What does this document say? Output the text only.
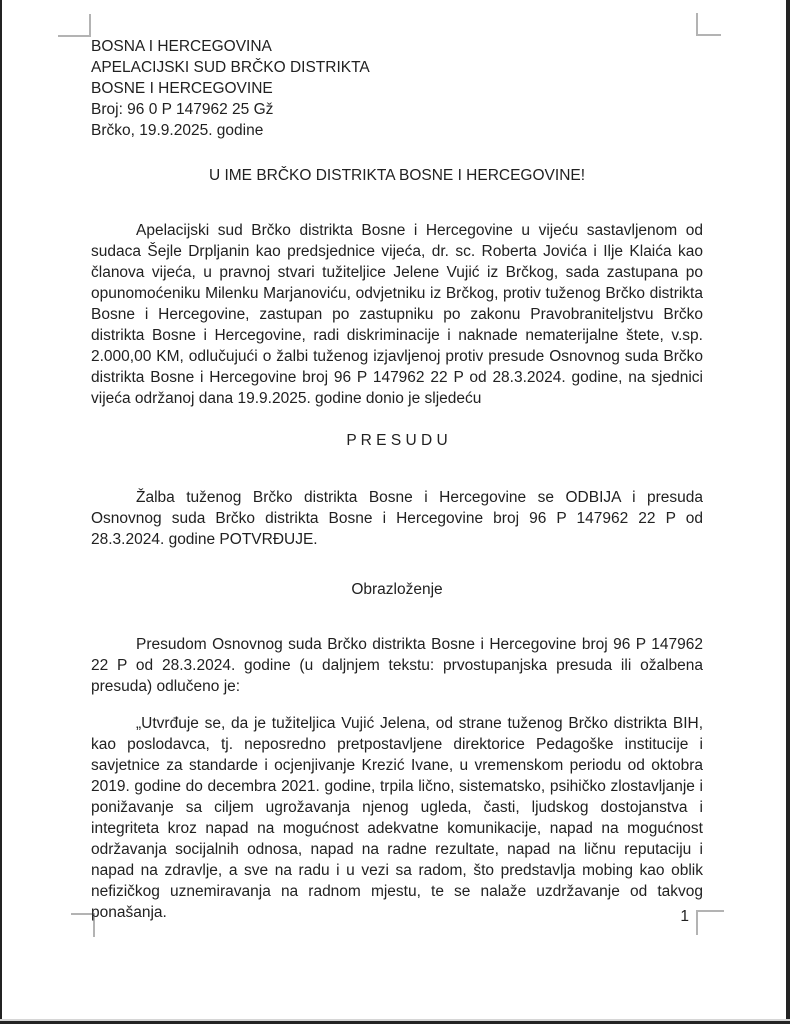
BOSNA I HERCEGOVINA
APELACIJSKI SUD BRČKO DISTRIKTA
BOSNE I HERCEGOVINE
Broj: 96 0 P 147962 25 Gž
Brčko, 19.9.2025. godine
U IME BRČKO DISTRIKTA BOSNE I HERCEGOVINE!

Apelacijski sud Brčko distrikta Bosne i Hercegovine u vijeću sastavljenom od sudaca Šejle Drpljanin kao predsjednice vijeća, dr. sc. Roberta Jovića i Ilje Klaića kao članova vijeća, u pravnoj stvari tužiteljice Jelene Vujić iz Brčkog, sada zastupana po opunomoćeniku Milenku Marjanoviću, odvjetniku iz Brčkog, protiv tuženog Brčko distrikta Bosne i Hercegovine, zastupan po zastupniku po zakonu Pravobraniteljstvu Brčko distrikta Bosne i Hercegovine, radi diskriminacije i naknade nematerijalne štete, v.sp. 2.000,00 KM, odlučujući o žalbi tuženog izjavljenoj protiv presude Osnovnog suda Brčko distrikta Bosne i Hercegovine broj 96 P 147962 22 P od 28.3.2024. godine, na sjednici vijeća održanoj dana 19.9.2025. godine donio je sljedeću

P R E S U D U

Žalba tuženog Brčko distrikta Bosne i Hercegovine se ODBIJA i presuda Osnovnog suda Brčko distrikta Bosne i Hercegovine broj 96 P 147962 22 P od 28.3.2024. godine POTVRĐUJE.

Obrazloženje

Presudom Osnovnog suda Brčko distrikta Bosne i Hercegovine broj 96 P 147962 22 P od 28.3.2024. godine (u daljnjem tekstu: prvostupanjska presuda ili ožalbena presuda) odlučeno je:

„Utvrđuje se, da je tužiteljica Vujić Jelena, od strane tuženog Brčko distrikta BIH, kao poslodavca, tj. neposredno pretpostavljene direktorice Pedagoške institucije i savjetnice za standarde i ocjenjivanje Krezić Ivane, u vremenskom periodu od oktobra 2019. godine do decembra 2021. godine, trpila lično, sistematsko, psihičko zlostavljanje i ponižavanje sa ciljem ugrožavanja njenog ugleda, časti, ljudskog dostojanstva i integriteta kroz napad na mogućnost adekvatne komunikacije, napad na mogućnost održavanja socijalnih odnosa, napad na radne rezultate, napad na ličnu reputaciju i napad na zdravlje, a sve na radu i u vezi sa radom, što predstavlja mobing kao oblik nefizičkog uznemiravanja na radnom mjestu, te se nalaže uzdržavanje od takvog ponašanja.	1
